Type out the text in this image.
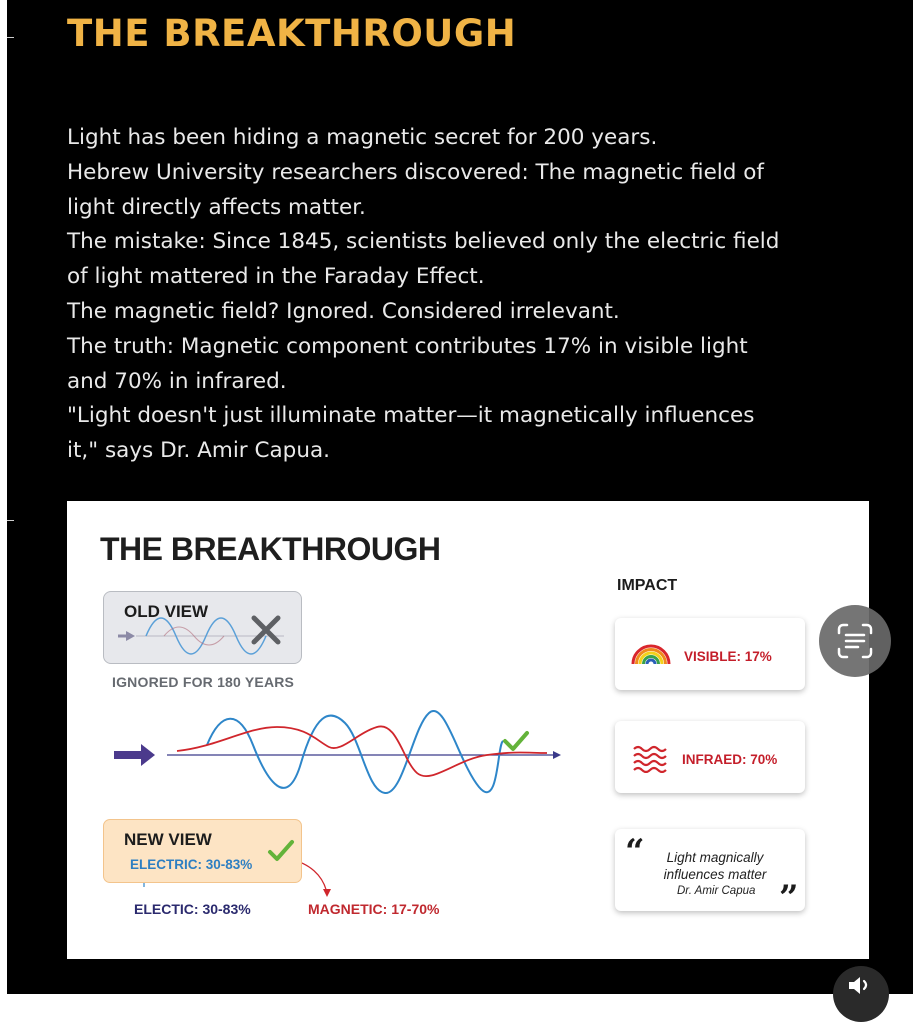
THE BREAKTHROUGH
Light has been hiding a magnetic secret for 200 years.
Hebrew University researchers discovered: The magnetic field of
light directly affects matter.
The mistake: Since 1845, scientists believed only the electric field
of light mattered in the Faraday Effect.
The magnetic field? Ignored. Considered irrelevant.
The truth: Magnetic component contributes 17% in visible light
and 70% in infrared.
"Light doesn't just illuminate matter—it magnetically influences
it," says Dr. Amir Capua.
THE BREAKTHROUGH
OLD VIEW
IGNORED FOR 180 YEARS
NEW VIEW
ELECTRIC: 30-83%
ELECTIC: 30-83%	MAGNETIC: 17-70%
IMPACT
VISIBLE: 17%
INFRAED: 70%
“	Light magnically influences matter
Dr. Amir Capua ”
